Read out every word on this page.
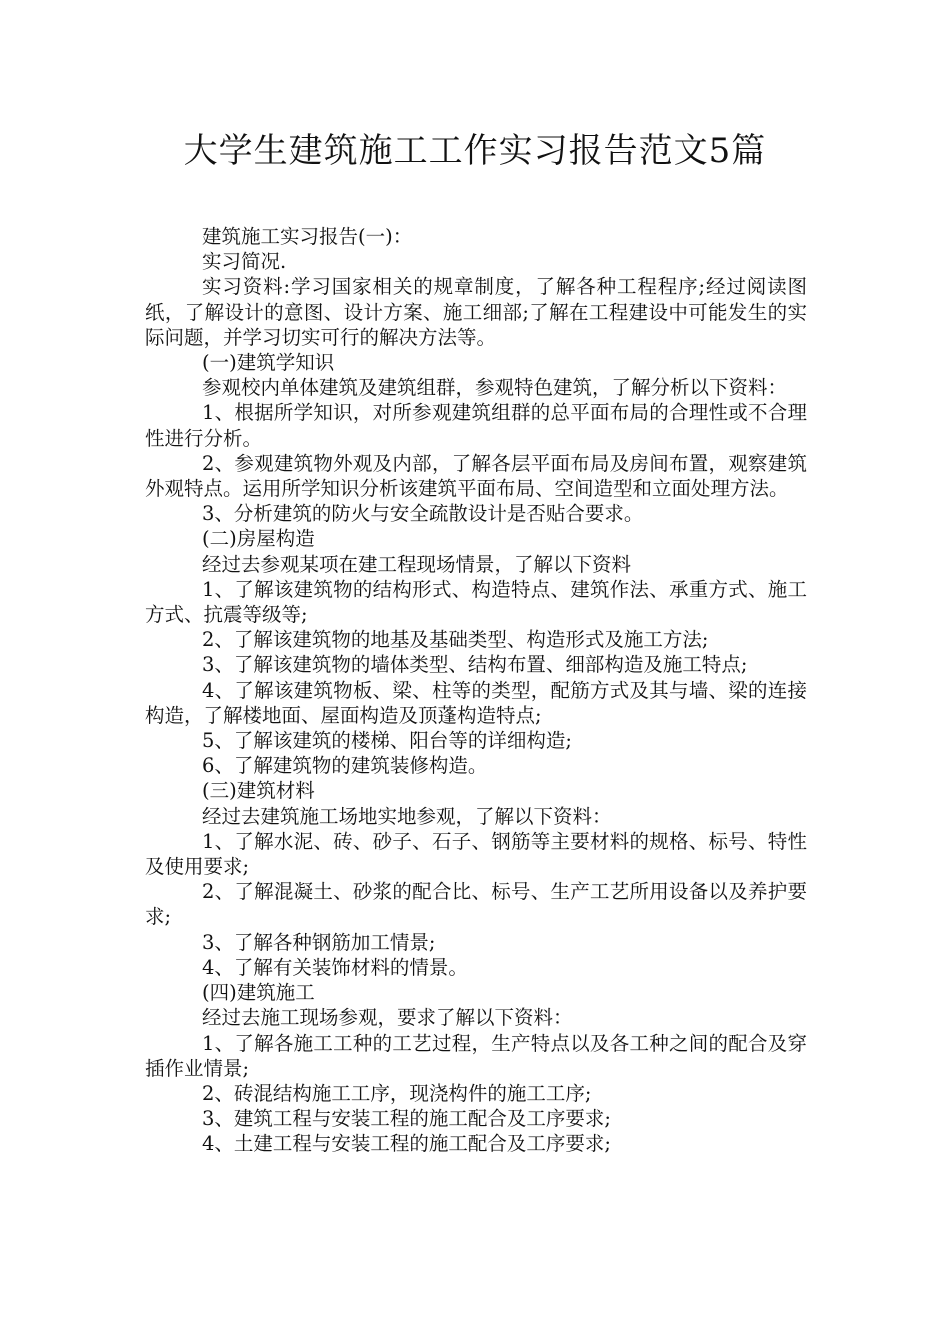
大学生建筑施工工作实习报告范文5篇

建筑施工实习报告(一)：

实习简况.

实习资料:学习国家相关的规章制度，了解各种工程程序;经过阅读图纸，了解设计的意图、设计方案、施工细部;了解在工程建设中可能发生的实际问题，并学习切实可行的解决方法等。

(一)建筑学知识

参观校内单体建筑及建筑组群，参观特色建筑，了解分析以下资料：

1、根据所学知识，对所参观建筑组群的总平面布局的合理性或不合理性进行分析。

2、参观建筑物外观及内部，了解各层平面布局及房间布置，观察建筑外观特点。运用所学知识分析该建筑平面布局、空间造型和立面处理方法。

3、分析建筑的防火与安全疏散设计是否贴合要求。

(二)房屋构造

经过去参观某项在建工程现场情景，了解以下资料

1、了解该建筑物的结构形式、构造特点、建筑作法、承重方式、施工方式、抗震等级等;

2、了解该建筑物的地基及基础类型、构造形式及施工方法;

3、了解该建筑物的墙体类型、结构布置、细部构造及施工特点;

4、了解该建筑物板、梁、柱等的类型，配筋方式及其与墙、梁的连接构造，了解楼地面、屋面构造及顶蓬构造特点;

5、了解该建筑的楼梯、阳台等的详细构造;

6、了解建筑物的建筑装修构造。

(三)建筑材料

经过去建筑施工场地实地参观，了解以下资料：

1、了解水泥、砖、砂子、石子、钢筋等主要材料的规格、标号、特性及使用要求;

2、了解混凝土、砂浆的配合比、标号、生产工艺所用设备以及养护要求;

3、了解各种钢筋加工情景;

4、了解有关装饰材料的情景。

(四)建筑施工

经过去施工现场参观，要求了解以下资料：

1、了解各施工工种的工艺过程，生产特点以及各工种之间的配合及穿插作业情景;

2、砖混结构施工工序，现浇构件的施工工序;

3、建筑工程与安装工程的施工配合及工序要求;

4、土建工程与安装工程的施工配合及工序要求;
